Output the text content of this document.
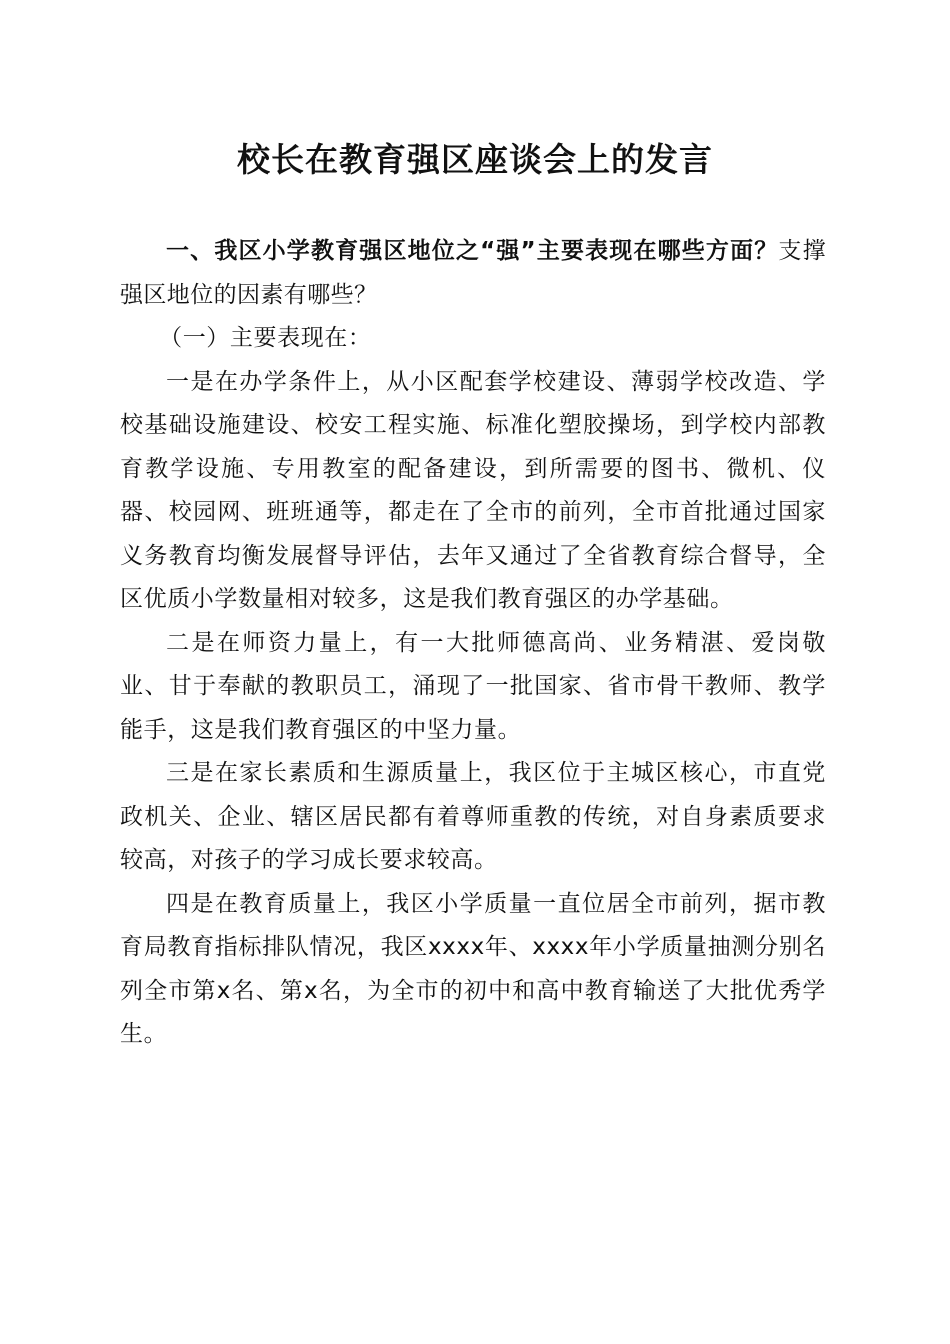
校长在教育强区座谈会上的发言

一、我区小学教育强区地位之“强”主要表现在哪些方面？支撑强区地位的因素有哪些？

（一）主要表现在：

一是在办学条件上，从小区配套学校建设、薄弱学校改造、学校基础设施建设、校安工程实施、标准化塑胶操场，到学校内部教育教学设施、专用教室的配备建设，到所需要的图书、微机、仪器、校园网、班班通等，都走在了全市的前列，全市首批通过国家义务教育均衡发展督导评估，去年又通过了全省教育综合督导，全区优质小学数量相对较多，这是我们教育强区的办学基础。

二是在师资力量上，有一大批师德高尚、业务精湛、爱岗敬业、甘于奉献的教职员工，涌现了一批国家、省市骨干教师、教学能手，这是我们教育强区的中坚力量。

三是在家长素质和生源质量上，我区位于主城区核心，市直党政机关、企业、辖区居民都有着尊师重教的传统，对自身素质要求较高，对孩子的学习成长要求较高。

四是在教育质量上，我区小学质量一直位居全市前列，据市教育局教育指标排队情况，我区xxxx年、xxxx年小学质量抽测分别名列全市第x名、第x名，为全市的初中和高中教育输送了大批优秀学生。
